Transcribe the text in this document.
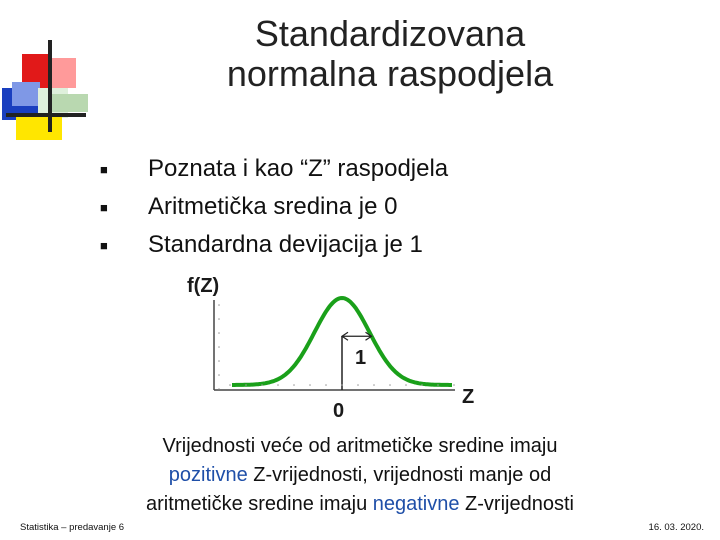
Standardizovana
normalna raspodjela
■	Poznata i kao “Z” raspodjela
■	Aritmetička sredina je 0
■	Standardna devijacija je 1
f(Z)
1
0
Z
Vrijednosti veće od aritmetičke sredine imaju
pozitivne Z-vrijednosti, vrijednosti manje od
aritmetičke sredine imaju negativne Z-vrijednosti
Statistika – predavanje 6	16. 03. 2020.
